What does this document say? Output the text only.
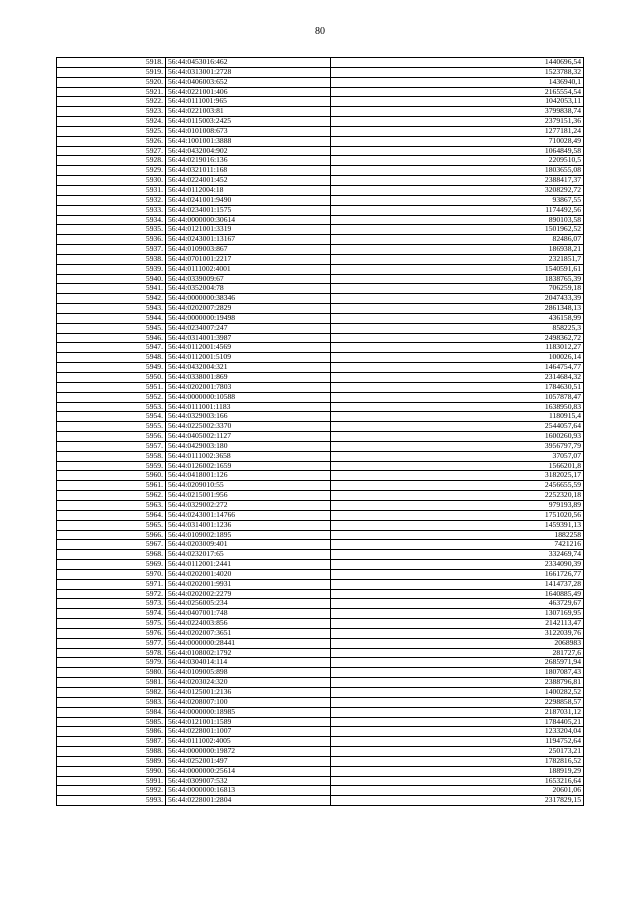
80
5918.	56:44:0453016:462	1440696,54
5919.	56:44:0313001:2728	1523788,32
5920.	56:44:0406003:652	1436940,1
5921.	56:44:0221001:406	2165554,54
5922.	56:44:0111001:965	1042053,11
5923.	56:44:0221003:81	3799838,74
5924.	56:44:0115003:2425	2379151,36
5925.	56:44:0101008:673	1277181,24
5926.	56:44:1001001:3888	710028,49
5927.	56:44:0432004:902	1064849,58
5928.	56:44:0219016:136	2209510,5
5929.	56:44:0321011:168	1803655,08
5930.	56:44:0224001:452	2388417,37
5931.	56:44:0112004:18	3208292,72
5932.	56:44:0241001:9490	93867,55
5933.	56:44:0234001:1575	1174492,56
5934.	56:44:0000000:30614	890103,58
5935.	56:44:0121001:3319	1501962,52
5936.	56:44:0243001:13167	82486,07
5937.	56:44:0109003:867	186938,21
5938.	56:44:0701001:2217	2321851,7
5939.	56:44:0111002:4001	1540591,61
5940.	56:44:0339009:67	1838765,39
5941.	56:44:0352004:78	706259,18
5942.	56:44:0000000:38346	2047433,39
5943.	56:44:0202007:2829	2861348,13
5944.	56:44:0000000:19498	436158,99
5945.	56:44:0234007:247	858225,3
5946.	56:44:0314001:3987	2498362,72
5947.	56:44:0112001:4569	1183012,27
5948.	56:44:0112001:5109	100026,14
5949.	56:44:0432004:321	1464754,77
5950.	56:44:0338001:869	2314684,32
5951.	56:44:0202001:7803	1784630,51
5952.	56:44:0000000:10588	1057878,47
5953.	56:44:0111001:1183	1638950,83
5954.	56:44:0329003:166	1180915,4
5955.	56:44:0225002:3370	2544057,64
5956.	56:44:0405002:1127	1600260,93
5957.	56:44:0429003:180	3956797,79
5958.	56:44:0111002:3658	37057,07
5959.	56:44:0126002:1659	1566201,8
5960.	56:44:0418001:126	3182025,17
5961.	56:44:0209010:55	2456655,59
5962.	56:44:0215001:956	2252320,18
5963.	56:44:0329002:272	979193,89
5964.	56:44:0243001:14766	1751020,56
5965.	56:44:0314001:1236	1459391,13
5966.	56:44:0109002:1895	1882258
5967.	56:44:0203009:401	7421216
5968.	56:44:0232017:65	332469,74
5969.	56:44:0112001:2441	2334090,39
5970.	56:44:0202001:4020	1661726,77
5971.	56:44:0202001:9931	1414737,28
5972.	56:44:0202002:2279	1640885,49
5973.	56:44:0256005:234	463729,67
5974.	56:44:0407001:748	1307169,95
5975.	56:44:0224003:856	2142113,47
5976.	56:44:0202007:3651	3122039,76
5977.	56:44:0000000:28441	2068983
5978.	56:44:0108002:1792	281727,6
5979.	56:44:0304014:114	2685971,94
5980.	56:44:0109005:898	1807087,43
5981.	56:44:0203024:320	2388796,81
5982.	56:44:0125001:2136	1400282,52
5983.	56:44:0208007:100	2298858,57
5984.	56:44:0000000:18985	2187031,12
5985.	56:44:0121001:1589	1784405,21
5986.	56:44:0228001:1007	1233204,04
5987.	56:44:0111002:4005	1194752,64
5988.	56:44:0000000:19872	250173,21
5989.	56:44:0252001:497	1782816,52
5990.	56:44:0000000:25614	188919,29
5991.	56:44:0309007:532	1653216,64
5992.	56:44:0000000:16813	20601,06
5993.	56:44:0228001:2804	2317829,15
